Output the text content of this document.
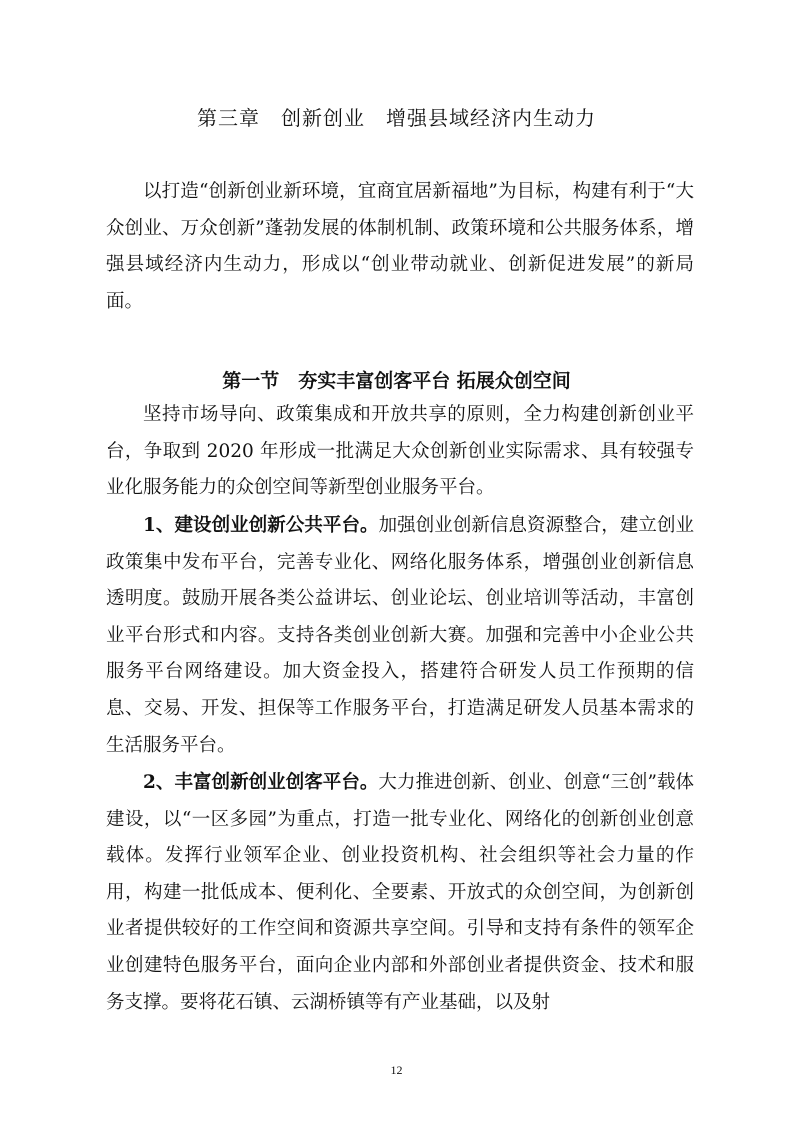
第三章　创新创业　增强县域经济内生动力

以打造“创新创业新环境，宜商宜居新福地”为目标，构建有利于“大众创业、万众创新”蓬勃发展的体制机制、政策环境和公共服务体系，增强县域经济内生动力，形成以“创业带动就业、创新促进发展”的新局面。

第一节　夯实丰富创客平台 拓展众创空间

坚持市场导向、政策集成和开放共享的原则，全力构建创新创业平台，争取到 2020 年形成一批满足大众创新创业实际需求、具有较强专业化服务能力的众创空间等新型创业服务平台。

1、建设创业创新公共平台。加强创业创新信息资源整合，建立创业政策集中发布平台，完善专业化、网络化服务体系，增强创业创新信息透明度。鼓励开展各类公益讲坛、创业论坛、创业培训等活动，丰富创业平台形式和内容。支持各类创业创新大赛。加强和完善中小企业公共服务平台网络建设。加大资金投入，搭建符合研发人员工作预期的信息、交易、开发、担保等工作服务平台，打造满足研发人员基本需求的生活服务平台。

2、丰富创新创业创客平台。大力推进创新、创业、创意“三创”载体建设，以“一区多园”为重点，打造一批专业化、网络化的创新创业创意载体。发挥行业领军企业、创业投资机构、社会组织等社会力量的作用，构建一批低成本、便利化、全要素、开放式的众创空间，为创新创业者提供较好的工作空间和资源共享空间。引导和支持有条件的领军企业创建特色服务平台，面向企业内部和外部创业者提供资金、技术和服务支撑。要将花石镇、云湖桥镇等有产业基础，以及射

12
